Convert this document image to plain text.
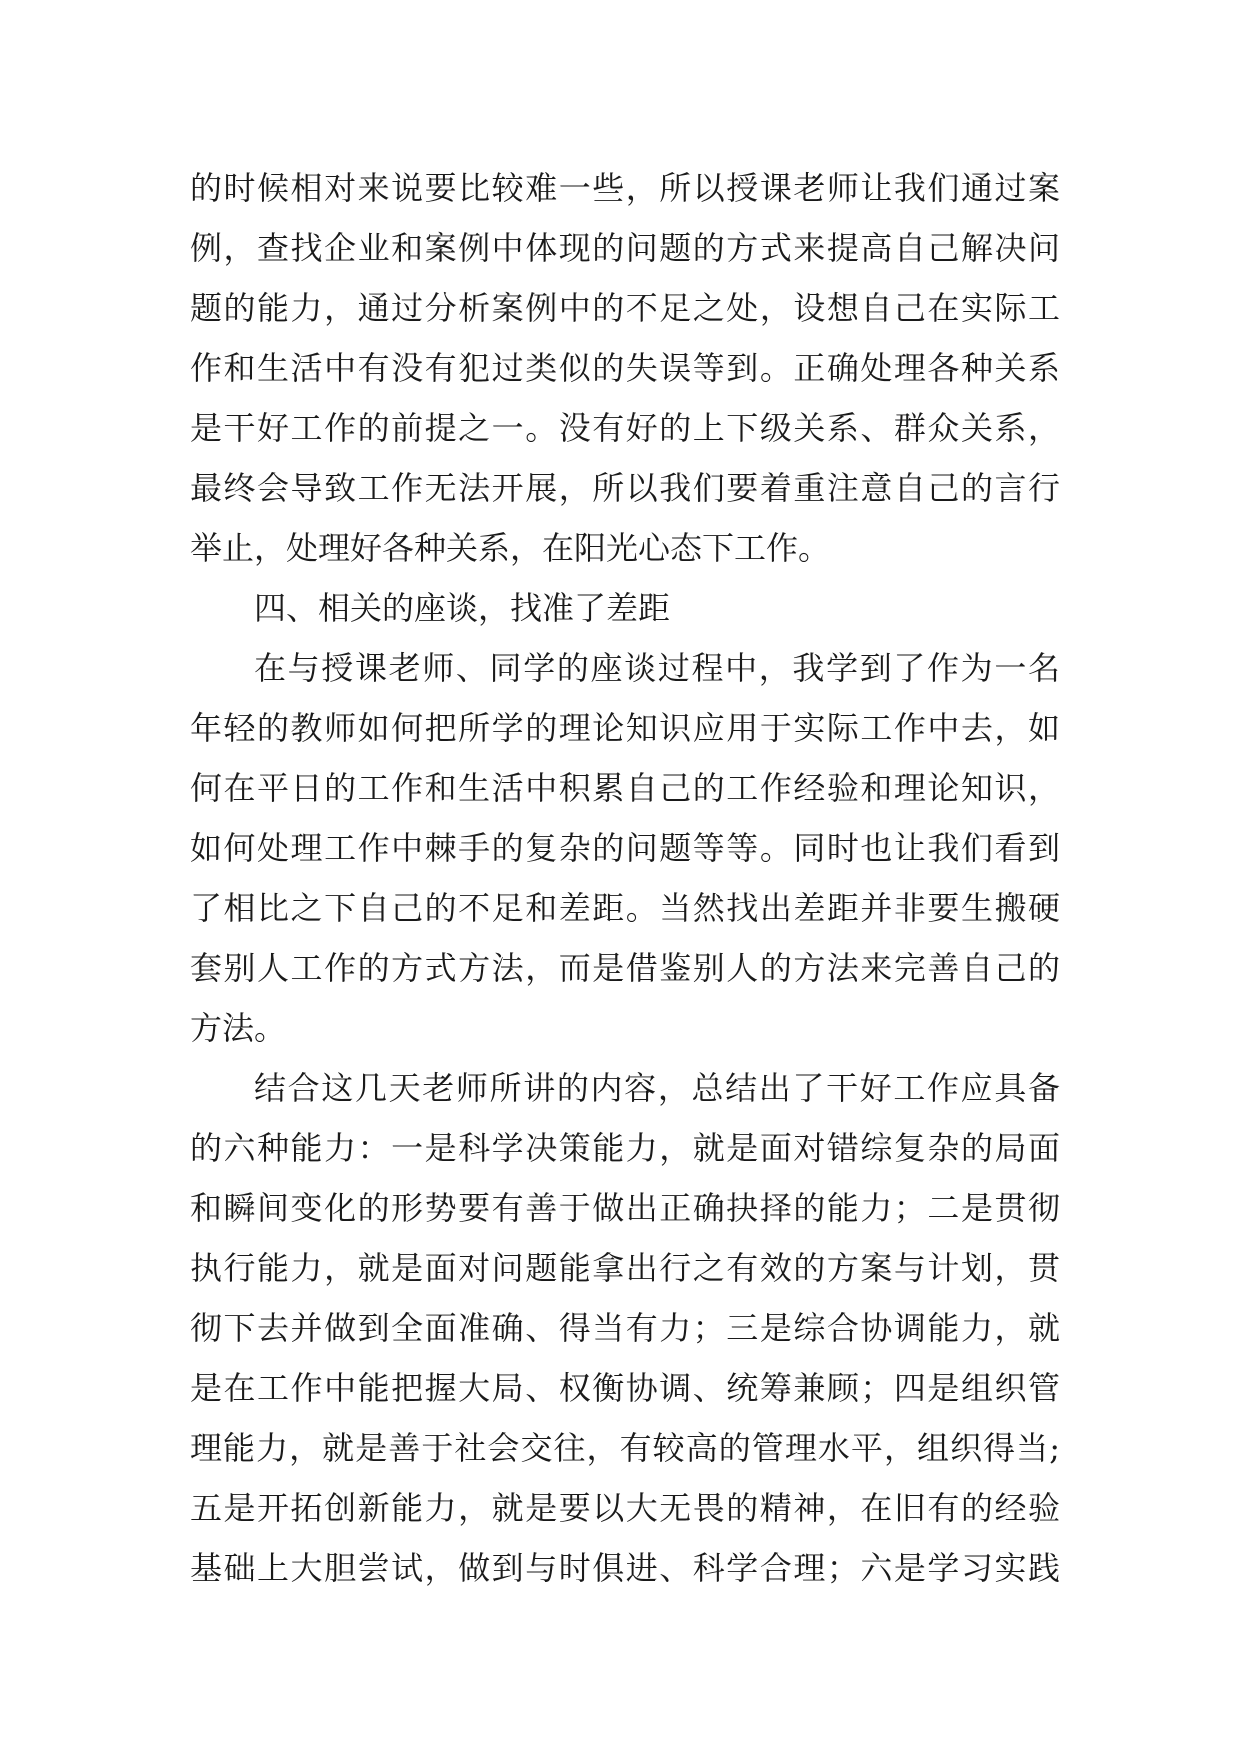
的时候相对来说要比较难一些，所以授课老师让我们通过案
例，查找企业和案例中体现的问题的方式来提高自己解决问
题的能力，通过分析案例中的不足之处，设想自己在实际工
作和生活中有没有犯过类似的失误等到。正确处理各种关系
是干好工作的前提之一。没有好的上下级关系、群众关系，
最终会导致工作无法开展，所以我们要着重注意自己的言行
举止，处理好各种关系，在阳光心态下工作。
四、相关的座谈，找准了差距
在与授课老师、同学的座谈过程中，我学到了作为一名
年轻的教师如何把所学的理论知识应用于实际工作中去，如
何在平日的工作和生活中积累自己的工作经验和理论知识，
如何处理工作中棘手的复杂的问题等等。同时也让我们看到
了相比之下自己的不足和差距。当然找出差距并非要生搬硬
套别人工作的方式方法，而是借鉴别人的方法来完善自己的
方法。
结合这几天老师所讲的内容，总结出了干好工作应具备
的六种能力：一是科学决策能力，就是面对错综复杂的局面
和瞬间变化的形势要有善于做出正确抉择的能力；二是贯彻
执行能力，就是面对问题能拿出行之有效的方案与计划，贯
彻下去并做到全面准确、得当有力；三是综合协调能力，就
是在工作中能把握大局、权衡协调、统筹兼顾；四是组织管
理能力，就是善于社会交往，有较高的管理水平，组织得当;
五是开拓创新能力，就是要以大无畏的精神，在旧有的经验
基础上大胆尝试，做到与时俱进、科学合理；六是学习实践
